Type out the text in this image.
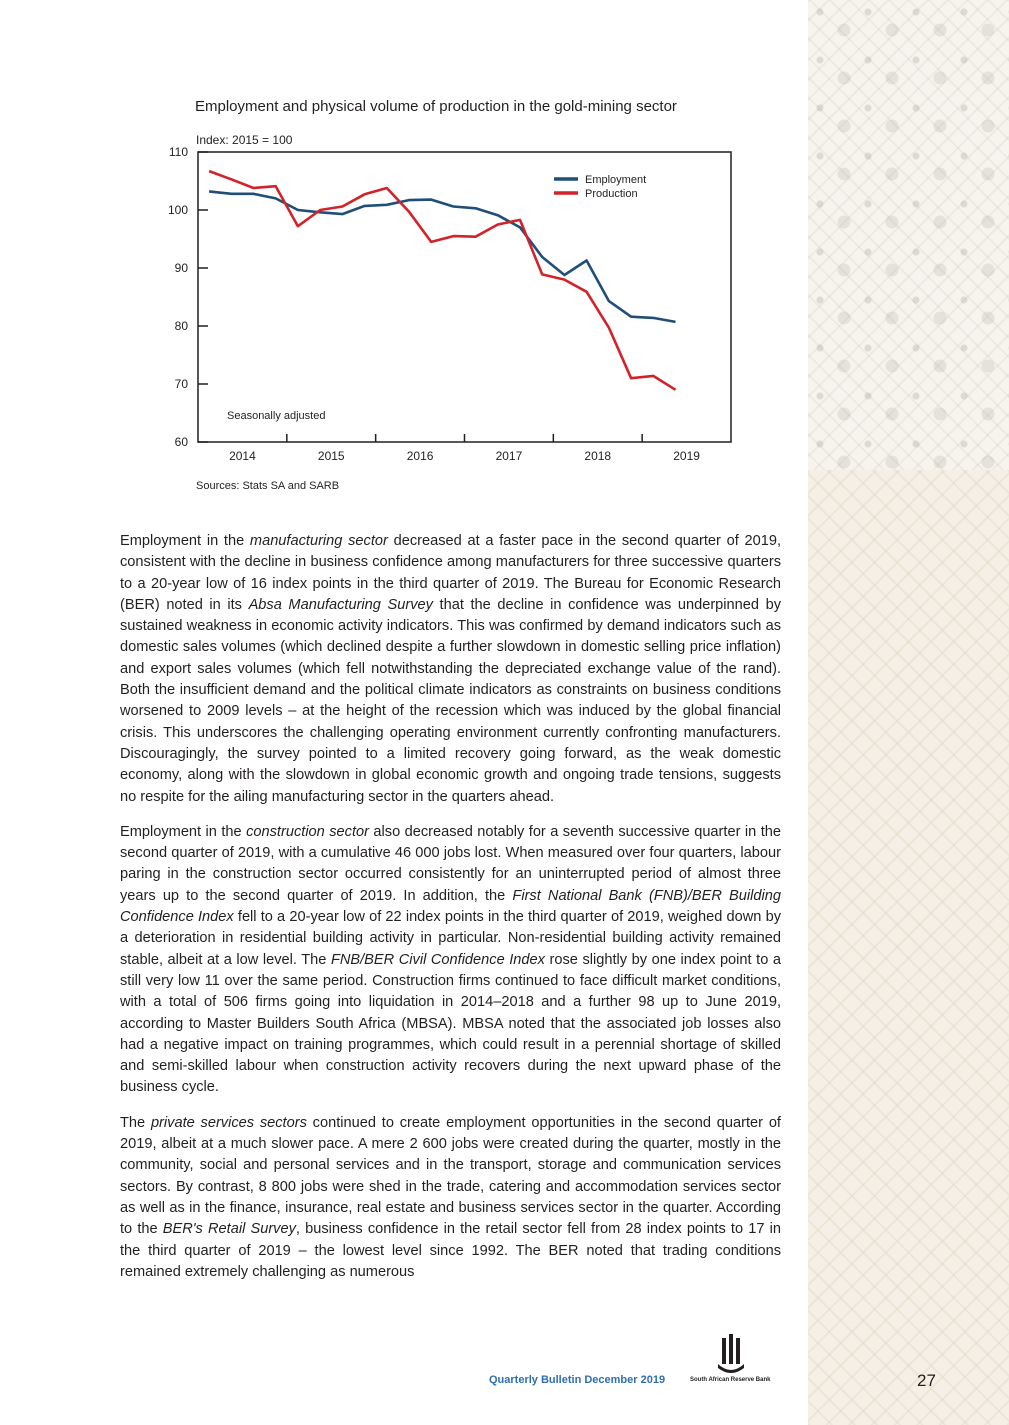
Employment and physical volume of production in the gold-mining sector
Index: 2015 = 100
60
70
80
90
100
110
2014	2015	2016	2017	2018	2019
Employment
Production
Seasonally adjusted
Sources: Stats SA and SARB

Employment in the manufacturing sector decreased at a faster pace in the second quarter of 2019, consistent with the decline in business confidence among manufacturers for three successive quarters to a 20-year low of 16 index points in the third quarter of 2019. The Bureau for Economic Research (BER) noted in its Absa Manufacturing Survey that the decline in confidence was underpinned by sustained weakness in economic activity indicators. This was confirmed by demand indicators such as domestic sales volumes (which declined despite a further slowdown in domestic selling price inflation) and export sales volumes (which fell notwithstanding the depreciated exchange value of the rand). Both the insufficient demand and the political climate indicators as constraints on business conditions worsened to 2009 levels – at the height of the recession which was induced by the global financial crisis. This underscores the challenging operating environment currently confronting manufacturers. Discouragingly, the survey pointed to a limited recovery going forward, as the weak domestic economy, along with the slowdown in global economic growth and ongoing trade tensions, suggests no respite for the ailing manufacturing sector in the quarters ahead.

Employment in the construction sector also decreased notably for a seventh successive quarter in the second quarter of 2019, with a cumulative 46 000 jobs lost. When measured over four quarters, labour paring in the construction sector occurred consistently for an uninterrupted period of almost three years up to the second quarter of 2019. In addition, the First National Bank (FNB)/BER Building Confidence Index fell to a 20-year low of 22 index points in the third quarter of 2019, weighed down by a deterioration in residential building activity in particular. Non-residential building activity remained stable, albeit at a low level. The FNB/BER Civil Confidence Index rose slightly by one index point to a still very low 11 over the same period. Construction firms continued to face difficult market conditions, with a total of 506 firms going into liquidation in 2014–2018 and a further 98 up to June 2019, according to Master Builders South Africa (MBSA). MBSA noted that the associated job losses also had a negative impact on training programmes, which could result in a perennial shortage of skilled and semi-skilled labour when construction activity recovers during the next upward phase of the business cycle.

The private services sectors continued to create employment opportunities in the second quarter of 2019, albeit at a much slower pace. A mere 2 600 jobs were created during the quarter, mostly in the community, social and personal services and in the transport, storage and communication services sectors. By contrast, 8 800 jobs were shed in the trade, catering and accommodation services sector as well as in the finance, insurance, real estate and business services sector in the quarter. According to the BER's Retail Survey, business confidence in the retail sector fell from 28 index points to 17 in the third quarter of 2019 – the lowest level since 1992. The BER noted that trading conditions remained extremely challenging as numerous

Quarterly Bulletin December 2019	South African Reserve Bank	27
